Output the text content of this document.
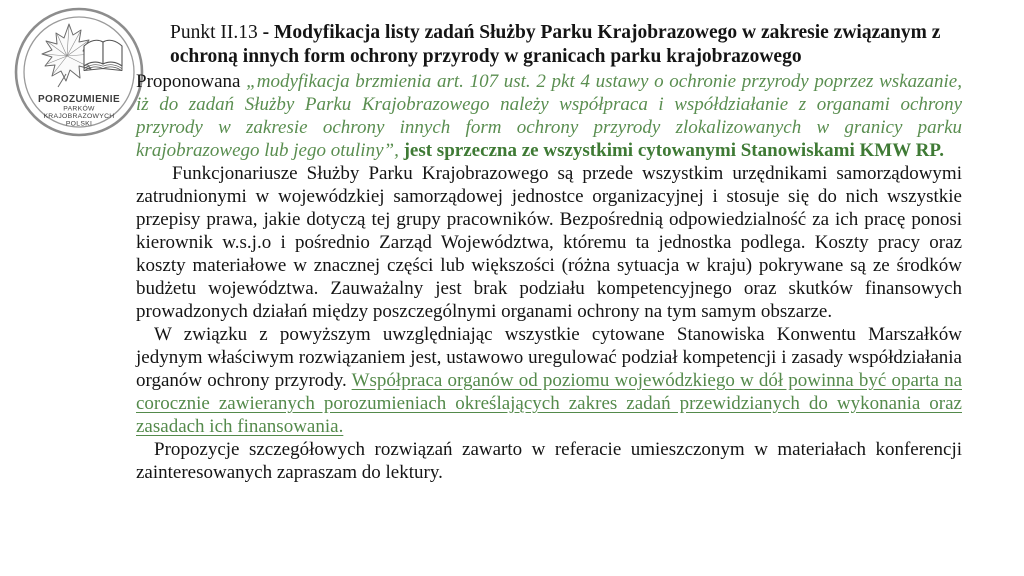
POROZUMIENIE
PARKÓW
KRAJOBRAZOWYCH
POLSKI
Punkt II.13 - Modyfikacja listy zadań Służby Parku Krajobrazowego w zakresie związanym z ochroną innych form ochrony przyrody w granicach parku krajobrazowego

Proponowana „modyfikacja brzmienia art. 107 ust. 2 pkt 4 ustawy o ochronie przyrody poprzez wskazanie, iż do zadań Służby Parku Krajobrazowego należy współpraca i współdziałanie z organami ochrony przyrody w zakresie ochrony innych form ochrony przyrody zlokalizowanych w granicy parku krajobrazowego lub jego otuliny”, jest sprzeczna ze wszystkimi cytowanymi Stanowiskami KMW RP.

Funkcjonariusze Służby Parku Krajobrazowego są przede wszystkim urzędnikami samorządowymi zatrudnionymi w wojewódzkiej samorządowej jednostce organizacyjnej i stosuje się do nich wszystkie przepisy prawa, jakie dotyczą tej grupy pracowników. Bezpośrednią odpowiedzialność za ich pracę ponosi kierownik w.s.j.o i pośrednio Zarząd Województwa, któremu ta jednostka podlega. Koszty pracy oraz koszty materiałowe w znacznej części lub większości (różna sytuacja w kraju) pokrywane są ze środków budżetu województwa. Zauważalny jest brak podziału kompetencyjnego oraz skutków finansowych prowadzonych działań między poszczególnymi organami ochrony na tym samym obszarze.

W związku z powyższym uwzględniając wszystkie cytowane Stanowiska Konwentu Marszałków jedynym właściwym rozwiązaniem jest, ustawowo uregulować podział kompetencji i zasady współdziałania organów ochrony przyrody. Współpraca organów od poziomu wojewódzkiego w dół powinna być oparta na corocznie zawieranych porozumieniach określających zakres zadań przewidzianych do wykonania oraz zasadach ich finansowania.

Propozycje szczegółowych rozwiązań zawarto w referacie umieszczonym w materiałach konferencji zainteresowanych zapraszam do lektury.
